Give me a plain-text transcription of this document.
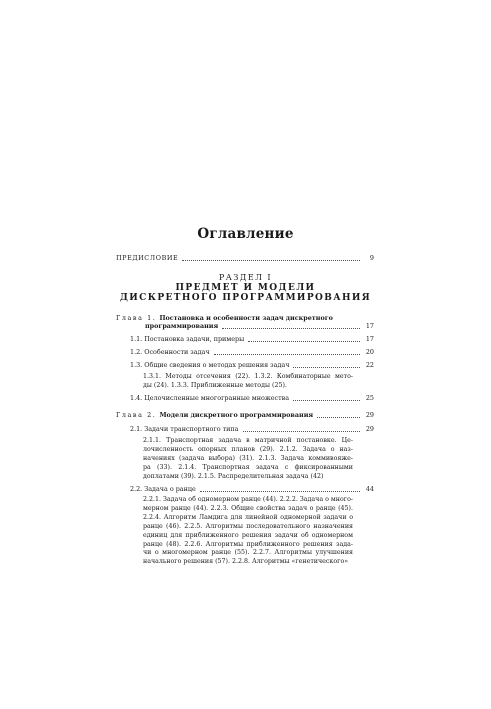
Оглавление
ПРЕДИСЛОВИЕ	9
РАЗДЕЛ I
ПРЕДМЕТ И МОДЕЛИ
ДИСКРЕТНОГО ПРОГРАММИРОВАНИЯ
Глава 1. Постановка и особенности задач дискретного
программирования	17
1.1. Постановка задачи, примеры	17
1.2. Особенности задач	20
1.3. Общие сведения о методах решения задач	22
1.3.1. Методы отсечения (22). 1.3.2. Комбинаторные мето-
ды (24). 1.3.3. Приближенные методы (25).
1.4. Целочисленные многогранные множества	25
Глава 2. Модели дискретного программирования	29
2.1. Задачи транспортного типа	29
2.1.1. Транспортная задача в матричной постановке. Це-
лочисленность опорных планов (29). 2.1.2. Задача о наз-
начениях (задача выбора) (31). 2.1.3. Задача коммивояже-
ра (33). 2.1.4. Транспортная задача с фиксированными
доплатами (39). 2.1.5. Распределительная задача (42)
2.2. Задача о ранце	44
2.2.1. Задача об одномерном ранце (44). 2.2.2. Задача о много-
мерном ранце (44). 2.2.3. Общие свойства задач о ранце (45).
2.2.4. Алгоритм Ламдига для линейной одномерной задачи о
ранце (46). 2.2.5. Алгоритмы последовательного назначения
единиц для приближенного решения задачи об одномерном
ранце (48). 2.2.6. Алгоритмы приближенного решения зада-
чи о многомерном ранце (55). 2.2.7. Алгоритмы улучшения
начального решения (57). 2.2.8. Алгоритмы «генетического»
